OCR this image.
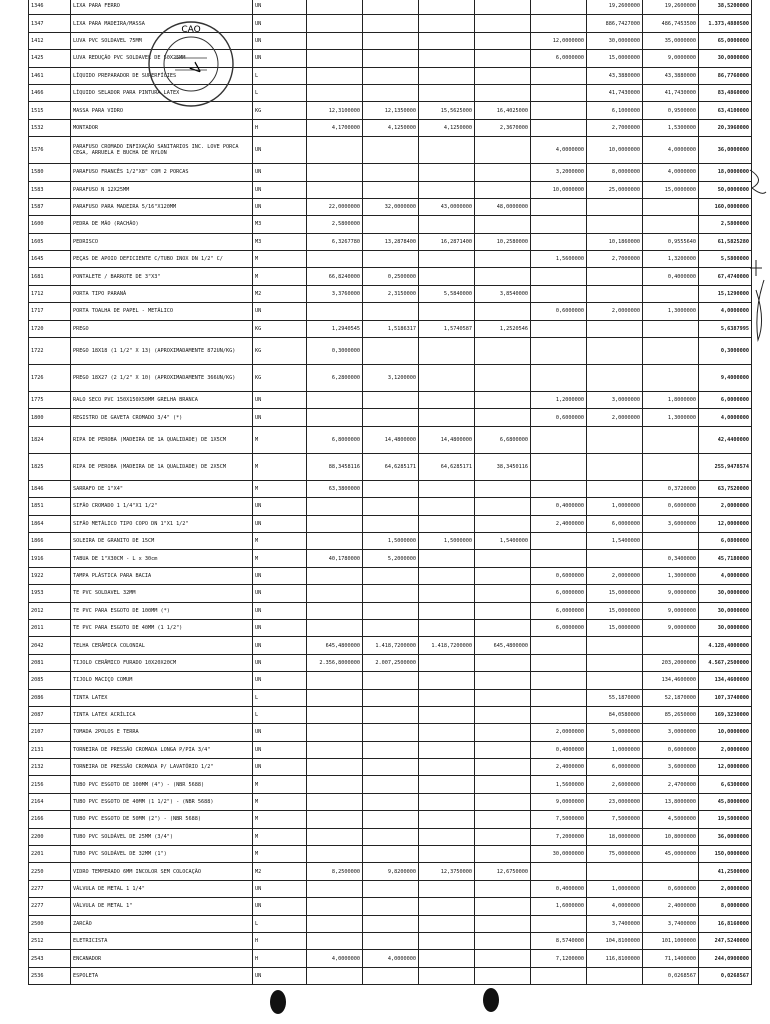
1346	LIXA PARA FERRO	UN						19,2600000	19,2600000	38,5200000
1347	LIXA PARA MADEIRA/MASSA	UN						886,7427000	486,7453500	1.373,4880500
1412	LUVA PVC SOLDAVEL 75MM	UN					12,0000000	30,0000000	35,0000000	65,0000000
1425	LUVA REDUÇÃO PVC SOLDAVEL DE 50X25MM	UN					6,0000000	15,0000000	9,0000000	30,0000000
1461	LÍQUIDO PREPARADOR DE SUPERFÍCIES	L						43,3880000	43,3880000	86,7760000
1466	LÍQUIDO SELADOR PARA PINTURA LATEX	L						41,7430000	41,7430000	83,4860000
1515	MASSA PARA VIDRO	KG	12,3100000	12,1350000	15,5625000	16,4025000		6,1000000	0,9500000	63,4100000
1532	MONTADOR	H	4,1700000	4,1250000	4,1250000	2,3670000		2,7000000	1,5300000	20,3960000
1576	PARAFUSO CROMADO INFIXAÇÃO SANITARIOS INC. LOVE PORCA CEGA, ARRUELA E BUCHA DE NYLON	UN					4,0000000	10,0000000	4,0000000	36,0000000
1580	PARAFUSO FRANCÊS 1/2"X8" COM 2 PORCAS	UN					3,2000000	8,0000000	4,0000000	18,0000000
1583	PARAFUSO N 12X25MM	UN					10,0000000	25,0000000	15,0000000	50,0000000
1587	PARAFUSO PARA MADEIRA 5/16"X120MM	UN	22,0000000	32,0000000	43,0000000	48,0000000				160,0000000
1600	PEDRA DE MÃO (RACHÃO)	M3	2,5800000							2,5800000
1605	PEDRISCO	M3	6,3267780	13,2878400	16,2871400	10,2580000		10,1860000	0,9555640	61,5825280
1645	PEÇAS DE APOIO DEFICIENTE C/TUBO INOX DN 1/2" C/	M					1,5600000	2,7000000	1,3200000	5,5800000
1681	PONTALETE / BARROTE DE 3"X3"	M	66,8240000	0,2500000					0,4000000	67,4740000
1712	PORTA TIPO PARANÁ	M2	3,3760000	2,3150000	5,5840000	3,8540000				15,1290000
1717	PORTA TOALHA DE PAPEL - METÁLICO	UN					0,6000000	2,0000000	1,3000000	4,0000000
1720	PREGO	KG	1,2940545	1,5186317	1,5740587	1,2520546				5,6387995
1722	PREGO 18X18 (1 1/2" X 13) (APROXIMADAMENTE 872UN/KG)	KG	0,3000000							0,3000000
1726	PREGO 18X27 (2 1/2" X 10) (APROXIMADAMENTE 366UN/KG)	KG	6,2800000	3,1200000						9,4000000
1775	RALO SECO PVC 150X150X50MM GRELHA BRANCA	UN					1,2000000	3,0000000	1,8000000	6,0000000
1800	REGISTRO DE GAVETA CROMADO 3/4" (*)	UN					0,6000000	2,0000000	1,3000000	4,0000000
1824	RIPA DE PEROBA (MADEIRA DE 1A QUALIDADE) DE 1X5CM	M	6,8000000	14,4800000	14,4800000	6,6800000				42,4400000
1825	RIPA DE PEROBA (MADEIRA DE 1A QUALIDADE) DE 2X5CM	M	88,3458116	64,6285171	64,6285171	38,3450116				255,9478574
1846	SARRAFO DE 1"X4"	M	63,3800000						0,3720000	63,7520000
1851	SIFÃO CROMADO 1 1/4"X1 1/2"	UN					0,4000000	1,0000000	0,6000000	2,0000000
1864	SIFÃO METÁLICO TIPO COPO DN 1"X1 1/2"	UN					2,4000000	6,0000000	3,6000000	12,0000000
1866	SOLEIRA DE GRANITO DE 15CM	M		1,5000000	1,5000000	1,5400000		1,5400000		6,0800000
1916	TABUA DE 1"X30CM - L x 30cm	M	40,1780000	5,2000000					0,3400000	45,7180000
1922	TAMPA PLÁSTICA PARA BACIA	UN					0,6000000	2,0000000	1,3000000	4,0000000
1953	TE PVC SOLDAVEL 32MM	UN					6,0000000	15,0000000	9,0000000	30,0000000
2012	TE PVC PARA ESGOTO DE 100MM (*)	UN					6,0000000	15,0000000	9,0000000	30,0000000
2011	TE PVC PARA ESGOTO DE 40MM (1 1/2")	UN					6,0000000	15,0000000	9,0000000	30,0000000
2042	TELHA CERÂMICA COLONIAL	UN	645,4800000	1.418,7200000	1.418,7200000	645,4800000				4.128,4000000
2081	TIJOLO CERÂMICO FURADO 10X20X20CM	UN	2.356,8000000	2.007,2500000					203,2000000	4.567,2500000
2085	TIJOLO MACIÇO COMUM	UN							134,4600000	134,4600000
2086	TINTA LATEX	L						55,1870000	52,1870000	107,3740000
2087	TINTA LATEX ACRÍLICA	L						84,0580000	85,2650000	169,3230000
2107	TOMADA 2POLOS E TERRA	UN					2,0000000	5,0000000	3,0000000	10,0000000
2131	TORNEIRA DE PRESSÃO CROMADA LONGA P/PIA 3/4"	UN					0,4000000	1,0000000	0,6000000	2,0000000
2132	TORNEIRA DE PRESSÃO CROMADA P/ LAVATÓRIO 1/2"	UN					2,4000000	6,0000000	3,6000000	12,0000000
2156	TUBO PVC ESGOTO DE 100MM (4") - (NBR 5688)	M					1,5600000	2,6000000	2,4700000	6,6300000
2164	TUBO PVC ESGOTO DE 40MM (1 1/2") - (NBR 5688)	M					9,0000000	23,0000000	13,8000000	45,8000000
2166	TUBO PVC ESGOTO DE 50MM (2") - (NBR 5688)	M					7,5000000	7,5000000	4,5000000	19,5000000
2200	TUBO PVC SOLDÁVEL DE 25MM (3/4")	M					7,2000000	18,0000000	10,8000000	36,0000000
2201	TUBO PVC SOLDÁVEL DE 32MM (1")	M					30,0000000	75,0000000	45,0000000	150,0000000
2250	VIDRO TEMPERADO 6MM INCOLOR SEM COLOCAÇÃO	M2	8,2500000	9,8200000	12,3750000	12,6750000				41,2500000
2277	VÁLVULA DE METAL 1 1/4"	UN					0,4000000	1,0000000	0,6000000	2,0000000
2277	VÁLVULA DE METAL 1"	UN					1,6000000	4,0000000	2,4000000	8,0000000
2500	ZARCÃO	L						3,7400000	3,7400000	16,8160000
2512	ELETRICISTA	H					8,5740000	104,8100000	101,1000000	247,5240000
2543	ENCANADOR	H	4,0000000	4,0000000			7,1200000	116,8100000	71,1400000	244,0900000
2536	ESPOLETA	UN							0,0268567	0,0268567
CAO
V
